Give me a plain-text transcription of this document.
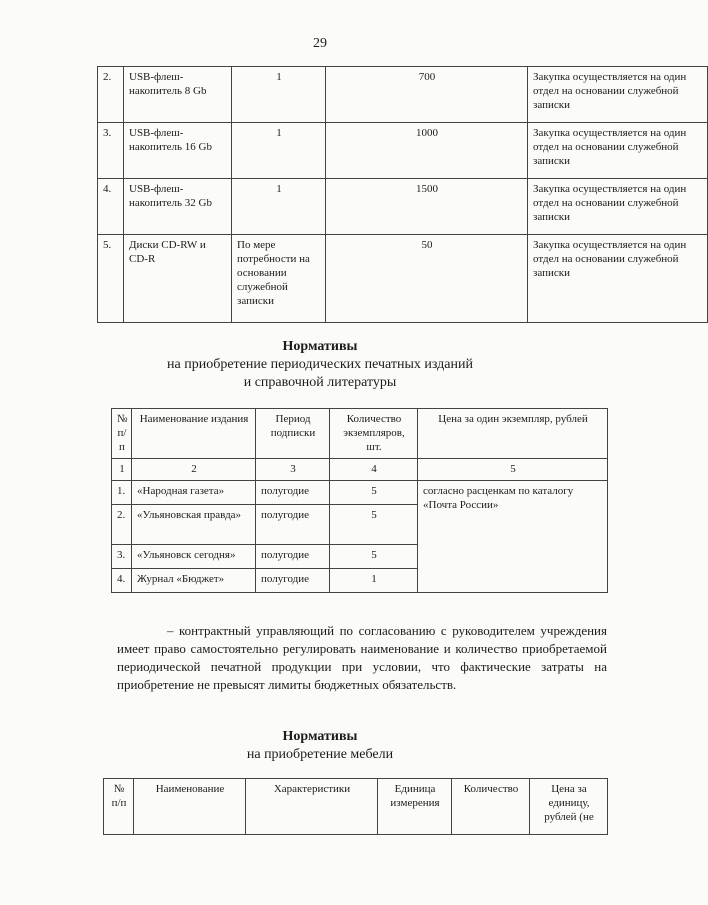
29
2.	USB-флеш-накопитель 8 Gb	1	700	Закупка осуществляется на один отдел на основании служебной записки
3.	USB-флеш-накопитель 16 Gb	1	1000	Закупка осуществляется на один отдел на основании служебной записки
4.	USB-флеш-накопитель 32 Gb	1	1500	Закупка осуществляется на один отдел на основании служебной записки
5.	Диски CD-RW и CD-R	По мере потребности на основании служебной записки	50	Закупка осуществляется на один отдел на основании служебной записки
Нормативы
на приобретение периодических печатных изданий
и справочной литературы
№ п/п	Наименование издания	Период подписки	Количество экземпляров, шт.	Цена за один экземпляр, рублей
1	2	3	4	5
1.	«Народная газета»	полугодие	5	согласно расценкам по каталогу «Почта России»
2.	«Ульяновская правда»	полугодие	5	
3.	«Ульяновск сегодня»	полугодие	5	
4.	Журнал «Бюджет»	полугодие	1	
– контрактный управляющий по согласованию с руководителем учреждения имеет право самостоятельно регулировать наименование и количество приобретаемой периодической печатной продукции при условии, что фактические затраты на приобретение не превысят лимиты бюджетных обязательств.
Нормативы
на приобретение мебели
№ п/п	Наименование	Характеристики	Единица измерения	Количество	Цена за единицу, рублей (не
